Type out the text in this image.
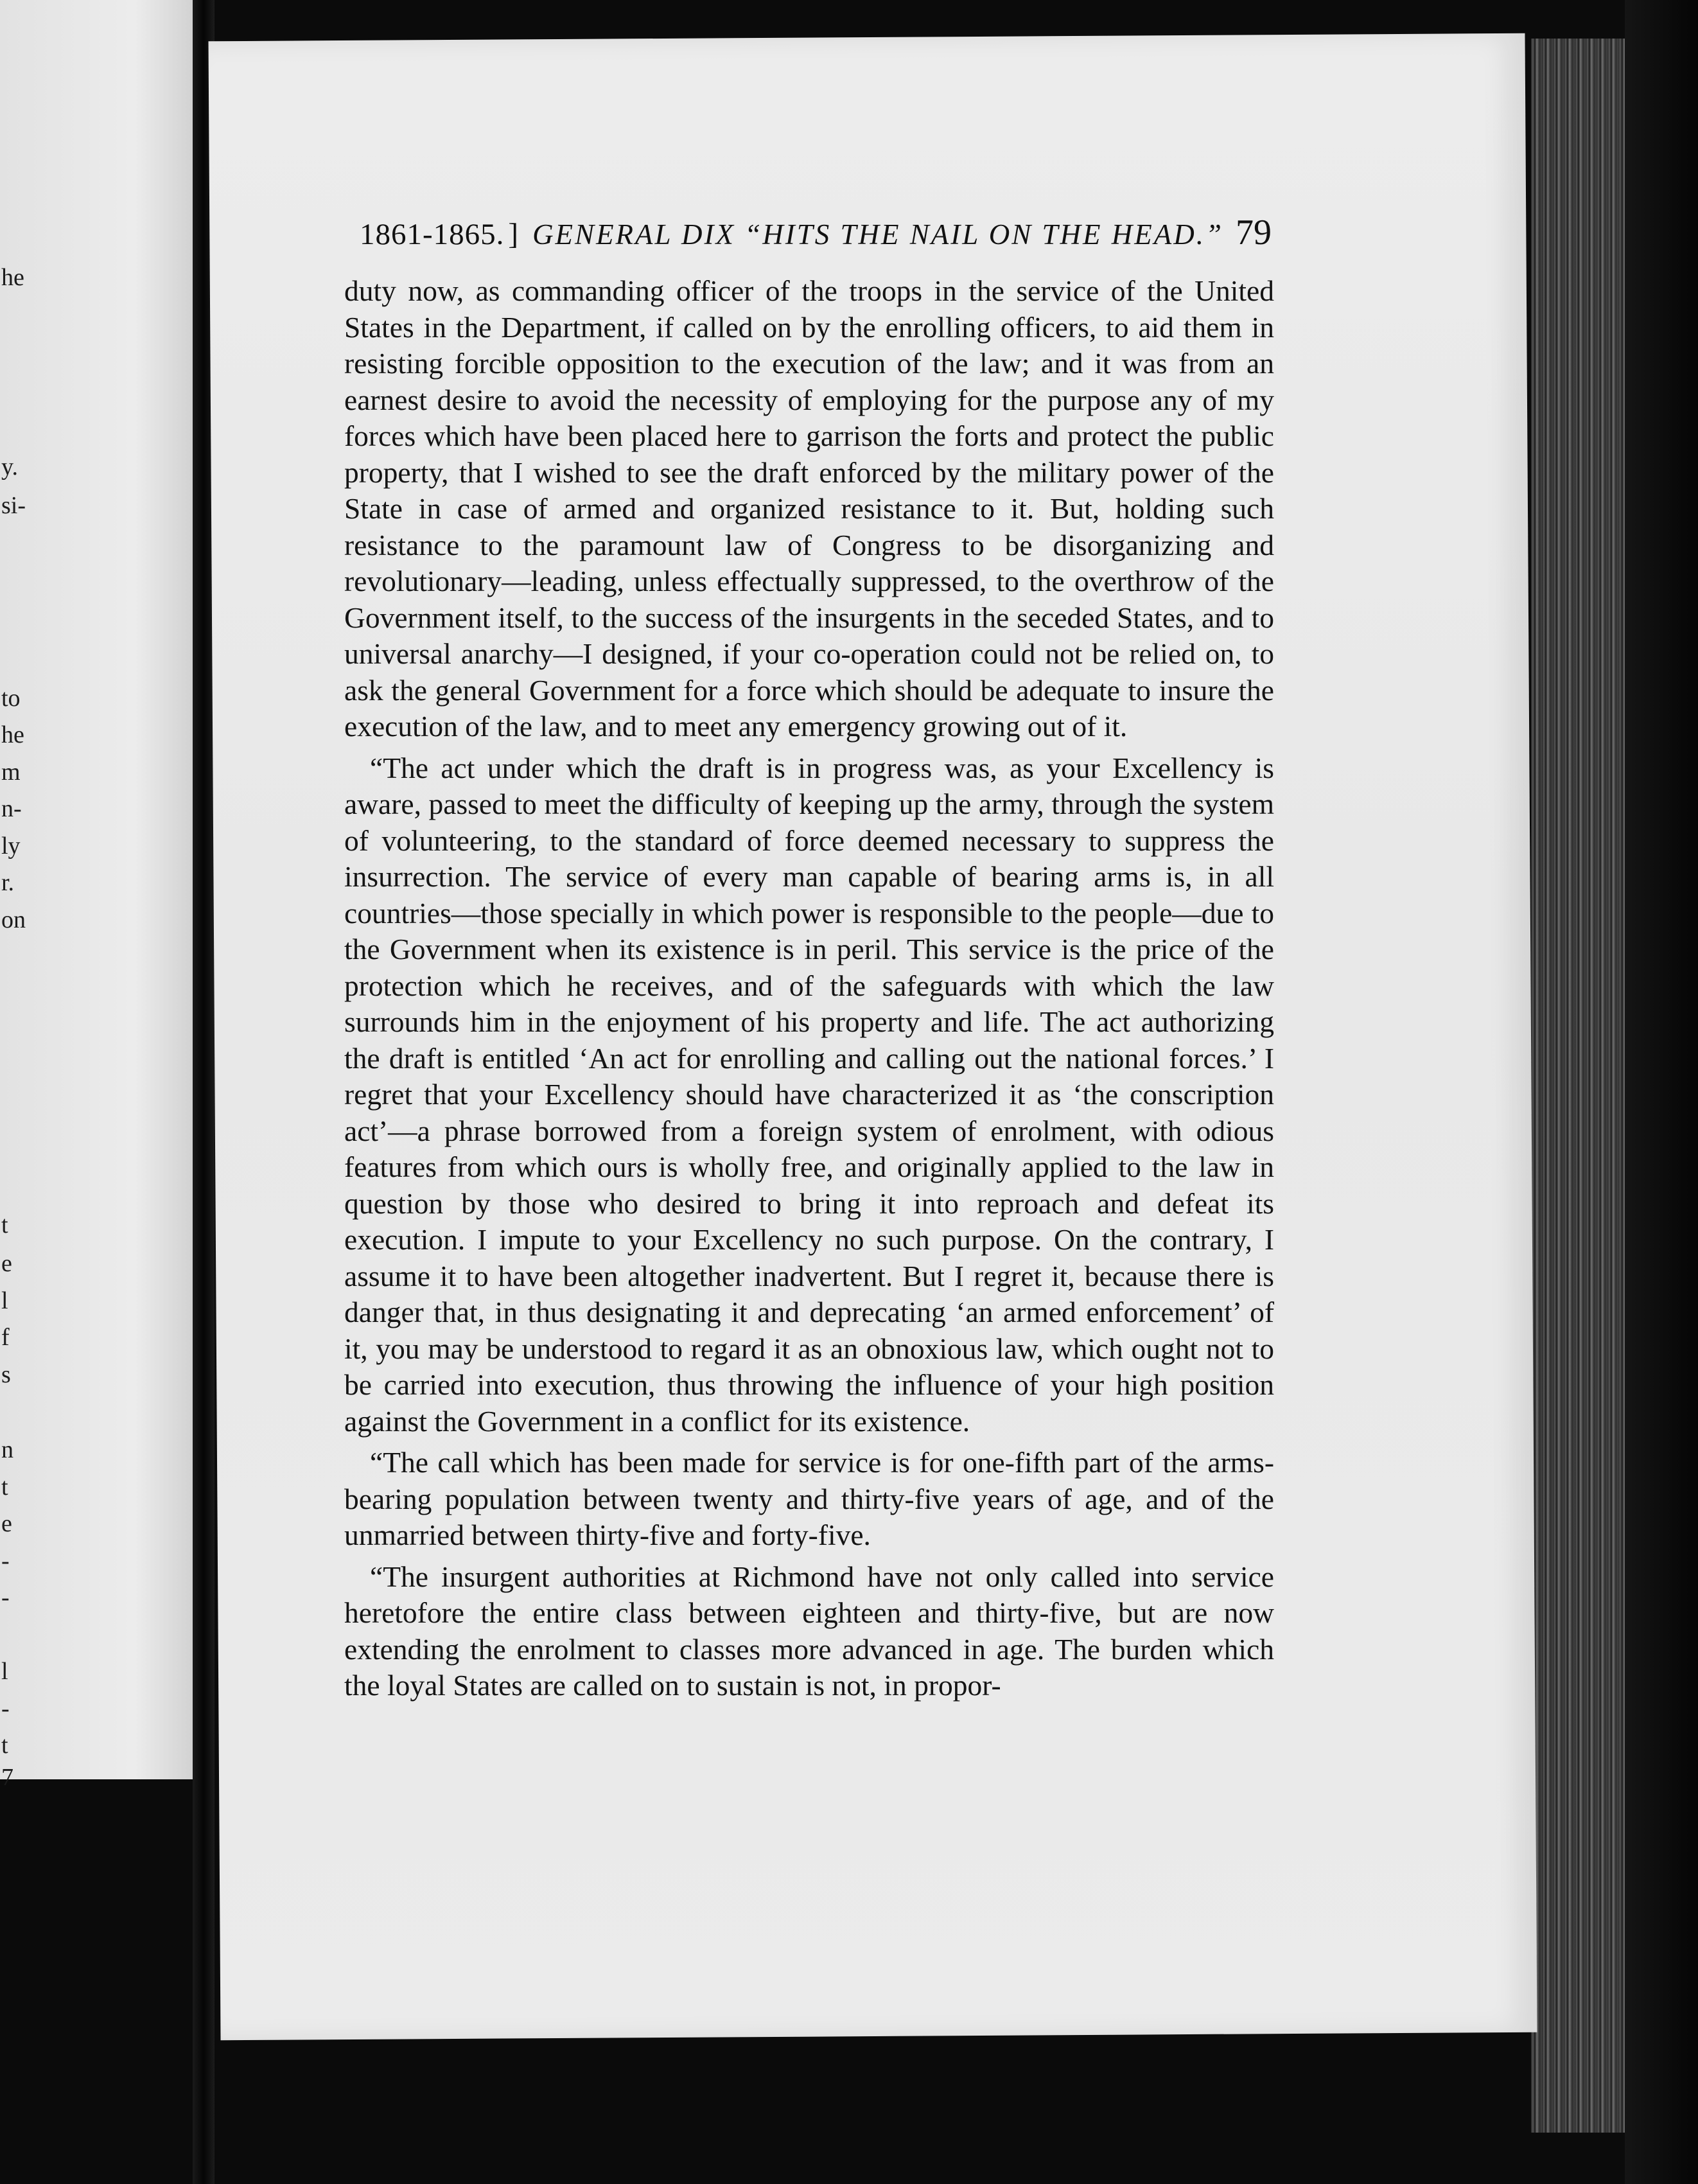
he
y.
si-
to
he
m
n-
ly
r.
on
t
e
l
f
s
n
t
e
-
-
l
-
t
7
1861-1865. ] GENERAL DIX “HITS THE NAIL ON THE HEAD.” 79

duty now, as commanding officer of the troops in the service of the United States in the Department, if called on by the enrolling officers, to aid them in resisting forcible opposition to the execution of the law; and it was from an earnest desire to avoid the necessity of employing for the purpose any of my forces which have been placed here to garrison the forts and protect the public property, that I wished to see the draft enforced by the military power of the State in case of armed and organized resistance to it. But, holding such resistance to the paramount law of Congress to be disorganizing and revolutionary—leading, unless effectually suppressed, to the overthrow of the Government itself, to the success of the insurgents in the seceded States, and to universal anarchy—I designed, if your co-operation could not be relied on, to ask the general Government for a force which should be adequate to insure the execution of the law, and to meet any emergency growing out of it.

“The act under which the draft is in progress was, as your Excellency is aware, passed to meet the difficulty of keeping up the army, through the system of volunteering, to the standard of force deemed necessary to suppress the insurrection. The service of every man capable of bearing arms is, in all countries—those specially in which power is responsible to the people—due to the Government when its existence is in peril. This service is the price of the protection which he receives, and of the safeguards with which the law surrounds him in the enjoyment of his property and life. The act authorizing the draft is entitled ‘An act for enrolling and calling out the national forces.’ I regret that your Excellency should have characterized it as ‘the conscription act’—a phrase borrowed from a foreign system of enrolment, with odious features from which ours is wholly free, and originally applied to the law in question by those who desired to bring it into reproach and defeat its execution. I impute to your Excellency no such purpose. On the contrary, I assume it to have been altogether inadvertent. But I regret it, because there is danger that, in thus designating it and deprecating ‘an armed enforcement’ of it, you may be understood to regard it as an obnoxious law, which ought not to be carried into execution, thus throwing the influence of your high position against the Government in a conflict for its existence.

“The call which has been made for service is for one-fifth part of the arms-bearing population between twenty and thirty-five years of age, and of the unmarried between thirty-five and forty-five.

“The insurgent authorities at Richmond have not only called into service heretofore the entire class between eighteen and thirty-five, but are now extending the enrolment to classes more advanced in age. The burden which the loyal States are called on to sustain is not, in propor-
